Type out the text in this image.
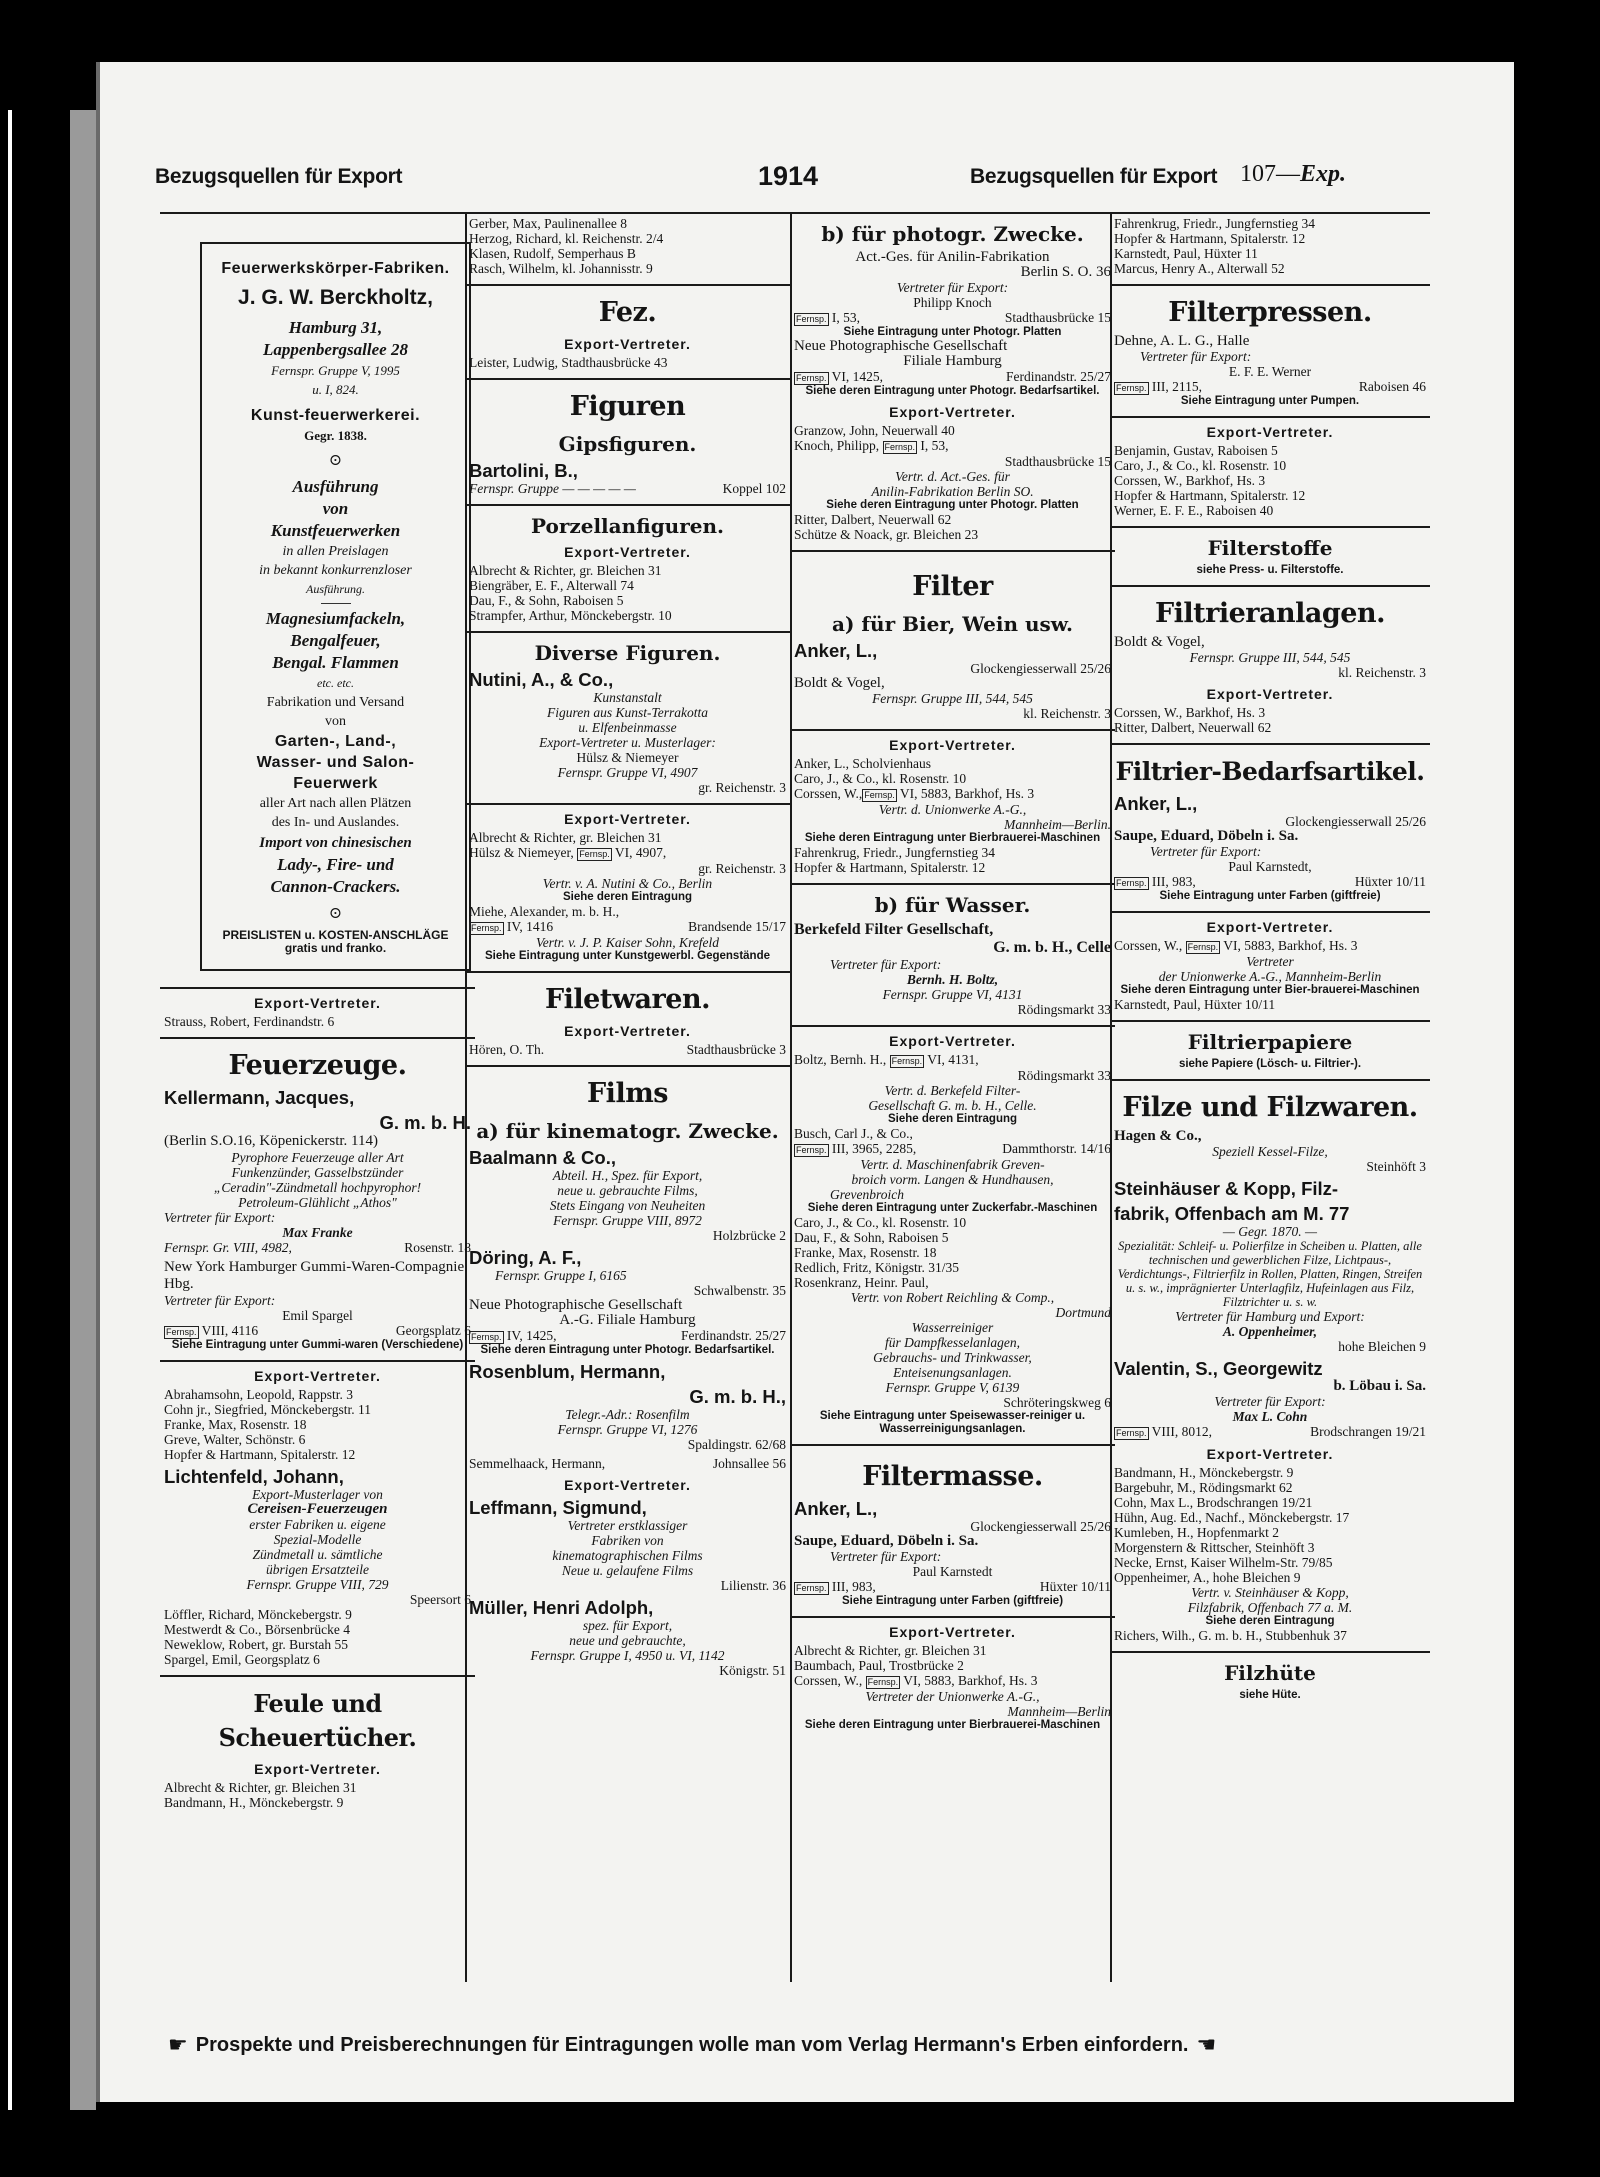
Bezugsquellen für Export	1914	Bezugsquellen für Export 107—Exp.
Feuerwerkskörper-Fabriken.
J. G. W. Berckholtz,
Hamburg 31,
Lappenbergsallee 28
Fernspr. Gruppe V, 1995
u. I, 824.
Kunst-feuerwerkerei.
Gegr. 1838.
⊙
Ausführung
von
Kunstfeuerwerken
in allen Preislagen
in bekannt konkurrenzloser
Ausführung.
Magnesiumfackeln,
Bengalfeuer,
Bengal. Flammen
etc. etc.
Fabrikation und Versand
von
Garten-, Land-,
Wasser- und Salon-
Feuerwerk
aller Art nach allen Plätzen
des In- und Auslandes.
Import von chinesischen
Lady-, Fire- und
Cannon-Crackers.
⊙
PREISLISTEN u. KOSTEN-ANSCHLÄGE
gratis und franko.
Export-Vertreter.
Strauss, Robert, Ferdinandstr. 6
Feuerzeuge.
Kellermann, Jacques,
G. m. b. H.
(Berlin S.O.16, Köpenickerstr. 114)
Pyrophore Feuerzeuge aller Art
Funkenzünder, Gasselbstzünder
„Ceradin"-Zündmetall hochpyrophor!
Petroleum-Glühlicht „Athos"
Vertreter für Export:
Max Franke
Fernspr. Gr. VIII, 4982,	Rosenstr. 18
New York Hamburger Gummi-Waren-Compagnie Hbg.
Vertreter für Export:
Emil Spargel
Fernsp. VIII, 4116	Georgsplatz 6
Siehe Eintragung unter Gummi-waren (Verschiedene)
Export-Vertreter.
Abrahamsohn, Leopold, Rappstr. 3
Cohn jr., Siegfried, Mönckebergstr. 11
Franke, Max, Rosenstr. 18
Greve, Walter, Schönstr. 6
Hopfer & Hartmann, Spitalerstr. 12
Lichtenfeld, Johann,
Export-Musterlager von
Cereisen-Feuerzeugen
erster Fabriken u. eigene
Spezial-Modelle
Zündmetall u. sämtliche
übrigen Ersatzteile
Fernspr. Gruppe VIII, 729
Speersort 6
Löffler, Richard, Mönckebergstr. 9
Mestwerdt & Co., Börsenbrücke 4
Neweklow, Robert, gr. Burstah 55
Spargel, Emil, Georgsplatz 6
Feule und Scheuertücher.
Export-Vertreter.
Albrecht & Richter, gr. Bleichen 31
Bandmann, H., Mönckebergstr. 9
Gerber, Max, Paulinenallee 8
Herzog, Richard, kl. Reichenstr. 2/4
Klasen, Rudolf, Semperhaus B
Rasch, Wilhelm, kl. Johannisstr. 9
Fez.
Export-Vertreter.
Leister, Ludwig, Stadthausbrücke 43
Figuren
Gipsfiguren.
Bartolini, B.,
Fernspr. Gruppe — — — — —	Koppel 102
Porzellanfiguren.
Export-Vertreter.
Albrecht & Richter, gr. Bleichen 31
Biengräber, E. F., Alterwall 74
Dau, F., & Sohn, Raboisen 5
Strampfer, Arthur, Mönckebergstr. 10
Diverse Figuren.
Nutini, A., & Co.,
Kunstanstalt
Figuren aus Kunst-Terrakotta
u. Elfenbeinmasse
Export-Vertreter u. Musterlager:
Hülsz & Niemeyer
Fernspr. Gruppe VI, 4907
gr. Reichenstr. 3
Export-Vertreter.
Albrecht & Richter, gr. Bleichen 31
Hülsz & Niemeyer, Fernsp. VI, 4907,
gr. Reichenstr. 3
Vertr. v. A. Nutini & Co., Berlin
Siehe deren Eintragung
Miehe, Alexander, m. b. H.,
Fernsp. IV, 1416	Brandsende 15/17
Vertr. v. J. P. Kaiser Sohn, Krefeld
Siehe Eintragung unter Kunstgewerbl. Gegenstände
Filetwaren.
Export-Vertreter.
Hören, O. Th.	Stadthausbrücke 3
Films
a) für kinematogr. Zwecke.
Baalmann & Co.,
Abteil. H., Spez. für Export,
neue u. gebrauchte Films,
Stets Eingang von Neuheiten
Fernspr. Gruppe VIII, 8972
Holzbrücke 2
Döring, A. F.,
Fernspr. Gruppe I, 6165
Schwalbenstr. 35
Neue Photographische Gesellschaft
A.-G. Filiale Hamburg
Fernsp. IV, 1425,	Ferdinandstr. 25/27
Siehe deren Eintragung unter Photogr. Bedarfsartikel.
Rosenblum, Hermann,
G. m. b. H.,
Telegr.-Adr.: Rosenfilm
Fernspr. Gruppe VI, 1276
Spaldingstr. 62/68
Semmelhaack, Hermann,	Johnsallee 56
Export-Vertreter.
Leffmann, Sigmund,
Vertreter erstklassiger
Fabriken von
kinematographischen Films
Neue u. gelaufene Films
Lilienstr. 36
Müller, Henri Adolph,
spez. für Export,
neue und gebrauchte,
Fernspr. Gruppe I, 4950 u. VI, 1142
Königstr. 51
b) für photogr. Zwecke.
Act.-Ges. für Anilin-Fabrikation
Berlin S. O. 36
Vertreter für Export:
Philipp Knoch
Fernsp. I, 53,	Stadthausbrücke 15
Siehe Eintragung unter Photogr. Platten
Neue Photographische Gesellschaft
Filiale Hamburg
Fernsp. VI, 1425,	Ferdinandstr. 25/27
Siehe deren Eintragung unter Photogr. Bedarfsartikel.
Export-Vertreter.
Granzow, John, Neuerwall 40
Knoch, Philipp, Fernsp. I, 53,
Stadthausbrücke 15
Vertr. d. Act.-Ges. für
Anilin-Fabrikation Berlin SO.
Siehe deren Eintragung unter Photogr. Platten
Ritter, Dalbert, Neuerwall 62
Schütze & Noack, gr. Bleichen 23
Filter
a) für Bier, Wein usw.
Anker, L.,
Glockengiesserwall 25/26
Boldt & Vogel,
Fernspr. Gruppe III, 544, 545
kl. Reichenstr. 3
Export-Vertreter.
Anker, L., Scholvienhaus
Caro, J., & Co., kl. Rosenstr. 10
Corssen, W., Fernsp. VI, 5883, Barkhof, Hs. 3
Vertr. d. Unionwerke A.-G.,
Mannheim—Berlin.
Siehe deren Eintragung unter Bierbrauerei-Maschinen
Fahrenkrug, Friedr., Jungfernstieg 34
Hopfer & Hartmann, Spitalerstr. 12
b) für Wasser.
Berkefeld Filter Gesellschaft,
G. m. b. H., Celle
Vertreter für Export:
Bernh. H. Boltz,
Fernspr. Gruppe VI, 4131
Rödingsmarkt 33
Export-Vertreter.
Boltz, Bernh. H., Fernsp. VI, 4131,
Rödingsmarkt 33
Vertr. d. Berkefeld Filter-
Gesellschaft G. m. b. H., Celle.
Siehe deren Eintragung
Busch, Carl J., & Co.,
Fernsp. III, 3965, 2285,	Dammthorstr. 14/16
Vertr. d. Maschinenfabrik Greven-
broich vorm. Langen & Hundhausen,
Grevenbroich
Siehe deren Eintragung unter Zuckerfabr.-Maschinen
Caro, J., & Co., kl. Rosenstr. 10
Dau, F., & Sohn, Raboisen 5
Franke, Max, Rosenstr. 18
Redlich, Fritz, Königstr. 31/35
Rosenkranz, Heinr. Paul,
Vertr. von Robert Reichling & Comp.,
Dortmund
Wasserreiniger
für Dampfkesselanlagen,
Gebrauchs- und Trinkwasser,
Enteisenungsanlagen.
Fernspr. Gruppe V, 6139
Schröteringskweg 6
Siehe Eintragung unter Speisewasser-reiniger u. Wasserreinigungsanlagen.
Filtermasse.
Anker, L.,
Glockengiesserwall 25/26
Saupe, Eduard, Döbeln i. Sa.
Vertreter für Export:
Paul Karnstedt
Fernsp. III, 983,	Hüxter 10/11
Siehe Eintragung unter Farben (giftfreie)
Export-Vertreter.
Albrecht & Richter, gr. Bleichen 31
Baumbach, Paul, Trostbrücke 2
Corssen, W., Fernsp. VI, 5883, Barkhof, Hs. 3
Vertreter der Unionwerke A.-G.,
Mannheim—Berlin
Siehe deren Eintragung unter Bierbrauerei-Maschinen
Fahrenkrug, Friedr., Jungfernstieg 34
Hopfer & Hartmann, Spitalerstr. 12
Karnstedt, Paul, Hüxter 11
Marcus, Henry A., Alterwall 52
Filterpressen.
Dehne, A. L. G., Halle
Vertreter für Export:
E. F. E. Werner
Fernsp. III, 2115,	Raboisen 46
Siehe Eintragung unter Pumpen.
Export-Vertreter.
Benjamin, Gustav, Raboisen 5
Caro, J., & Co., kl. Rosenstr. 10
Corssen, W., Barkhof, Hs. 3
Hopfer & Hartmann, Spitalerstr. 12
Werner, E. F. E., Raboisen 40
Filterstoffe
siehe Press- u. Filterstoffe.
Filtrieranlagen.
Boldt & Vogel,
Fernspr. Gruppe III, 544, 545
kl. Reichenstr. 3
Export-Vertreter.
Corssen, W., Barkhof, Hs. 3
Ritter, Dalbert, Neuerwall 62
Filtrier-Bedarfsartikel.
Anker, L.,
Glockengiesserwall 25/26
Saupe, Eduard, Döbeln i. Sa.
Vertreter für Export:
Paul Karnstedt,
Fernsp. III, 983,	Hüxter 10/11
Siehe Eintragung unter Farben (giftfreie)
Export-Vertreter.
Corssen, W., Fernsp. VI, 5883, Barkhof, Hs. 3
Vertreter
der Unionwerke A.-G., Mannheim-Berlin
Siehe deren Eintragung unter Bier-brauerei-Maschinen
Karnstedt, Paul, Hüxter 10/11
Filtrierpapiere
siehe Papiere (Lösch- u. Filtrier-).
Filze und Filzwaren.
Hagen & Co.,
Speziell Kessel-Filze,
Steinhöft 3
Steinhäuser & Kopp, Filz-
fabrik, Offenbach am M. 77
— Gegr. 1870. —
Spezialität: Schleif- u. Polierfilze in Scheiben u. Platten, alle technischen und gewerblichen Filze, Lichtpaus-, Verdichtungs-, Filtrierfilz in Rollen, Platten, Ringen, Streifen u. s. w., imprägnierter Unterlagfilz, Hufeinlagen aus Filz, Filztrichter u. s. w.
Vertreter für Hamburg und Export:
A. Oppenheimer,
hohe Bleichen 9
Valentin, S., Georgewitz
b. Löbau i. Sa.
Vertreter für Export:
Max L. Cohn
Fernsp. VIII, 8012,	Brodschrangen 19/21
Export-Vertreter.
Bandmann, H., Mönckebergstr. 9
Bargebuhr, M., Rödingsmarkt 62
Cohn, Max L., Brodschrangen 19/21
Hühn, Aug. Ed., Nachf., Mönckebergstr. 17
Kumleben, H., Hopfenmarkt 2
Morgenstern & Rittscher, Steinhöft 3
Necke, Ernst, Kaiser Wilhelm-Str. 79/85
Oppenheimer, A., hohe Bleichen 9
Vertr. v. Steinhäuser & Kopp,
Filzfabrik, Offenbach 77 a. M.
Siehe deren Eintragung
Richers, Wilh., G. m. b. H., Stubbenhuk 37
Filzhüte
siehe Hüte.
☛ Prospekte und Preisberechnungen für Eintragungen wolle man vom Verlag Hermann's Erben einfordern. ☚
